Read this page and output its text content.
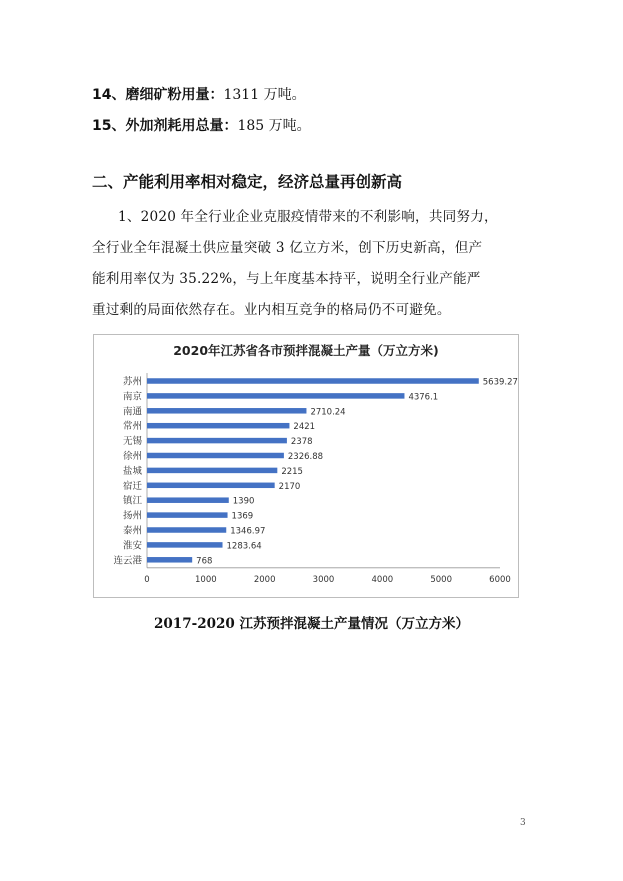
14、磨细矿粉用量：1311 万吨。
15、外加剂耗用总量：185 万吨。
二、产能利用率相对稳定，经济总量再创新高
1、2020 年全行业企业克服疫情带来的不利影响，共同努力，
全行业全年混凝土供应量突破 3 亿立方米，创下历史新高，但产
能利用率仅为 35.22%，与上年度基本持平，说明全行业产能严
重过剩的局面依然存在。业内相互竞争的格局仍不可避免。
2020年江苏省各市预拌混凝土产量（万立方米)
苏州	5639.27
南京	4376.1
南通	2710.24
常州	2421
无锡	2378
徐州	2326.88
盐城	2215
宿迁	2170
镇江	1390
扬州	1369
泰州	1346.97
淮安	1283.64
连云港	768
0	1000	2000	3000	4000	5000	6000
2017-2020 江苏预拌混凝土产量情况（万立方米）
3
